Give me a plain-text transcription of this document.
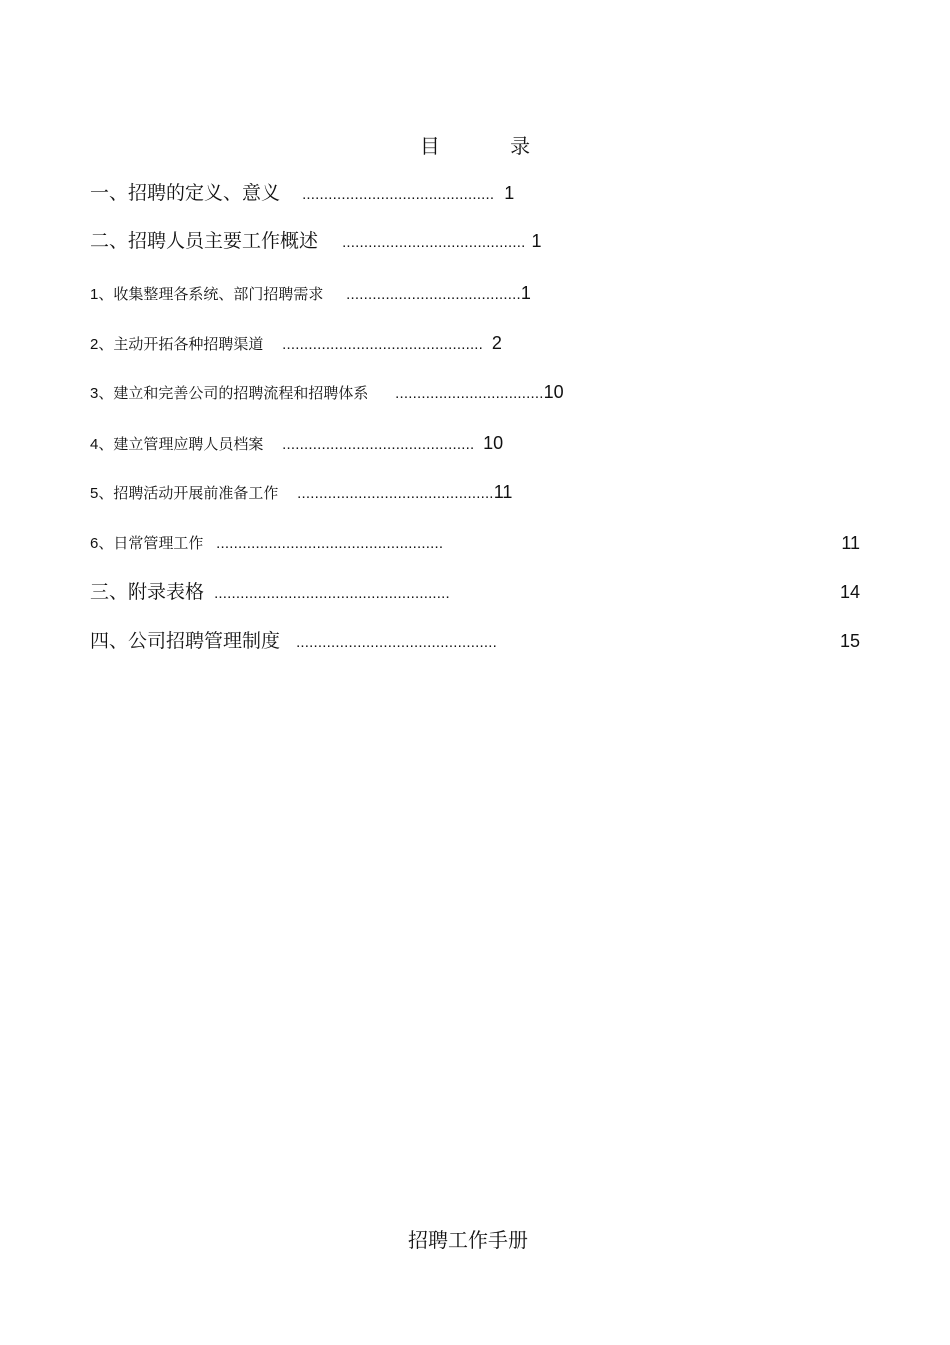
目 录
一、招聘的定义、意义 ............................................ 1
二、招聘人员主要工作概述 .......................................... 1
1、收集整理各系统、部门招聘需求 ........................................1
2、主动开拓各种招聘渠道 .............................................. 2
3、建立和完善公司的招聘流程和招聘体系 ..................................10
4、建立管理应聘人员档案 ............................................ 10
5、招聘活动开展前准备工作 .............................................11
6、日常管理工作 ....................................................	11
三、附录表格 ......................................................	14
四、公司招聘管理制度 ..............................................	15
招聘工作手册
